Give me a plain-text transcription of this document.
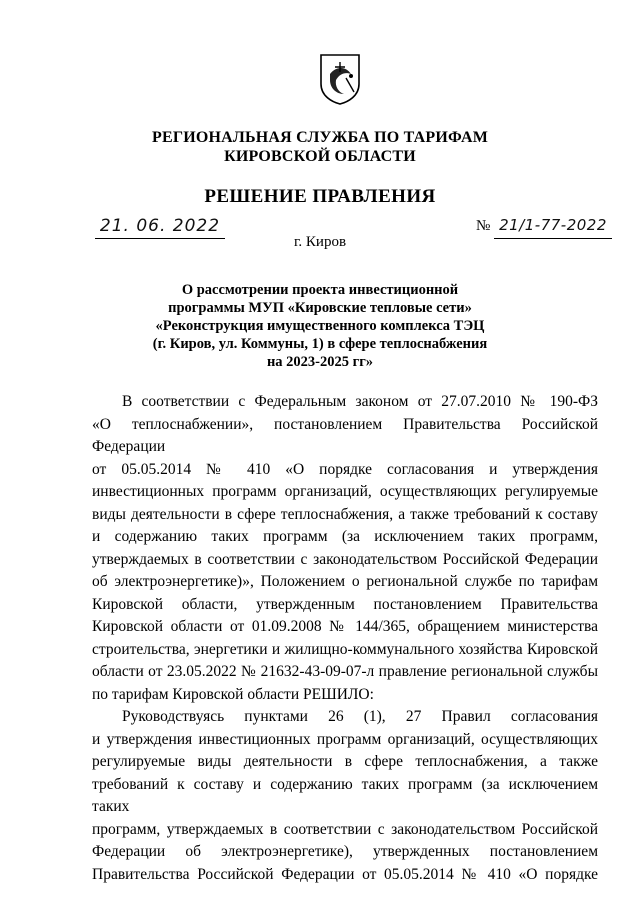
РЕГИОНАЛЬНАЯ СЛУЖБА ПО ТАРИФАМ
КИРОВСКОЙ ОБЛАСТИ
РЕШЕНИЕ ПРАВЛЕНИЯ
21. 06. 2022	№ 21/1-77-2022
г. Киров
О рассмотрении проекта инвестиционной
программы МУП «Кировские тепловые сети»
«Реконструкция имущественного комплекса ТЭЦ
(г. Киров, ул. Коммуны, 1) в сфере теплоснабжения
на 2023-2025 гг»
В соответствии с Федеральным законом от 27.07.2010 № 190-ФЗ
«О теплоснабжении», постановлением Правительства Российской Федерации
от 05.05.2014 № 410 «О порядке согласования и утверждения
инвестиционных программ организаций, осуществляющих регулируемые
виды деятельности в сфере теплоснабжения, а также требований к составу
и содержанию таких программ (за исключением таких программ,
утверждаемых в соответствии с законодательством Российской Федерации
об электроэнергетике)», Положением о региональной службе по тарифам
Кировской области, утвержденным постановлением Правительства
Кировской области от 01.09.2008 № 144/365, обращением министерства
строительства, энергетики и жилищно-коммунального хозяйства Кировской
области от 23.05.2022 № 21632-43-09-07-л правление региональной службы
по тарифам Кировской области РЕШИЛО:
Руководствуясь пунктами 26 (1), 27 Правил согласования
и утверждения инвестиционных программ организаций, осуществляющих
регулируемые виды деятельности в сфере теплоснабжения, а также
требований к составу и содержанию таких программ (за исключением таких
программ, утверждаемых в соответствии с законодательством Российской
Федерации об электроэнергетике), утвержденных постановлением
Правительства Российской Федерации от 05.05.2014 № 410 «О порядке
